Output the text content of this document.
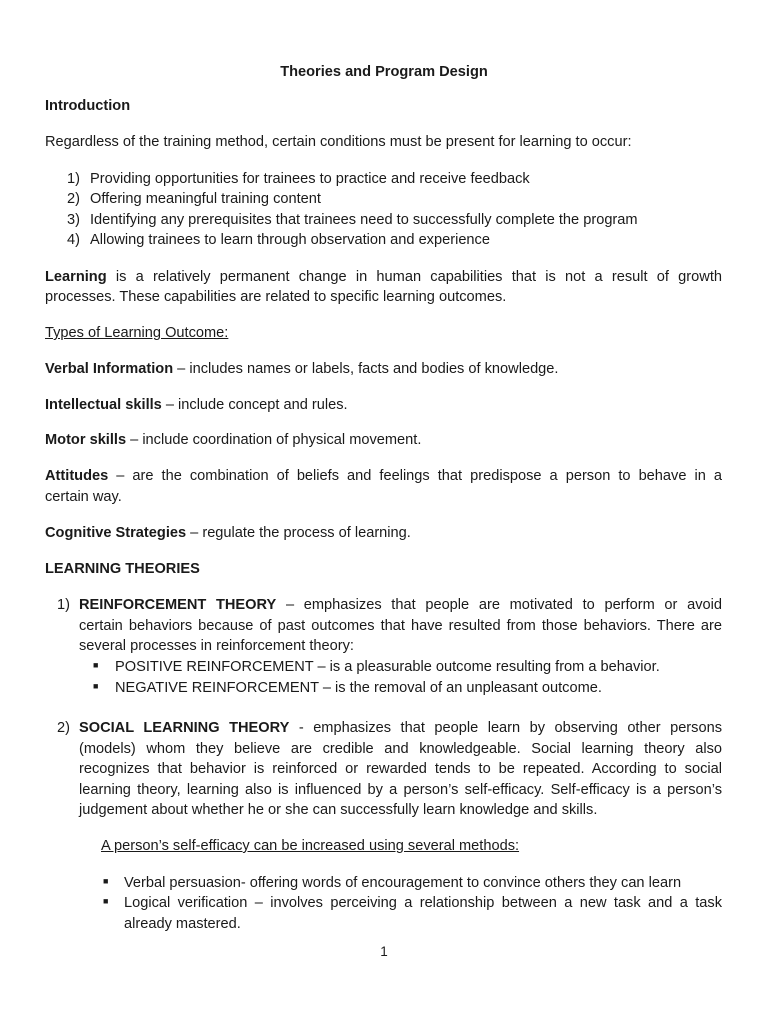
Theories and Program Design

Introduction

Regardless of the training method, certain conditions must be present for learning to occur:

1) Providing opportunities for trainees to practice and receive feedback

2) Offering meaningful training content

3) Identifying any prerequisites that trainees need to successfully complete the program

4) Allowing trainees to learn through observation and experience

Learning is a relatively permanent change in human capabilities that is not a result of growth

processes. These capabilities are related to specific learning outcomes.

Types of Learning Outcome:

Verbal Information – includes names or labels, facts and bodies of knowledge.

Intellectual skills – include concept and rules.

Motor skills – include coordination of physical movement.

Attitudes – are the combination of beliefs and feelings that predispose a person to behave in a

certain way.

Cognitive Strategies – regulate the process of learning.

LEARNING THEORIES

1) REINFORCEMENT THEORY – emphasizes that people are motivated to perform or avoid

certain behaviors because of past outcomes that have resulted from those behaviors. There are

several processes in reinforcement theory:

■ POSITIVE REINFORCEMENT – is a pleasurable outcome resulting from a behavior.

■ NEGATIVE REINFORCEMENT – is the removal of an unpleasant outcome.

2) SOCIAL LEARNING THEORY - emphasizes that people learn by observing other persons

(models) whom they believe are credible and knowledgeable. Social learning theory also

recognizes that behavior is reinforced or rewarded tends to be repeated. According to social

learning theory, learning also is influenced by a person’s self-efficacy. Self-efficacy is a person’s

judgement about whether he or she can successfully learn knowledge and skills.

A person’s self-efficacy can be increased using several methods:

■ Verbal persuasion- offering words of encouragement to convince others they can learn

■ Logical verification – involves perceiving a relationship between a new task and a task

already mastered.

1
